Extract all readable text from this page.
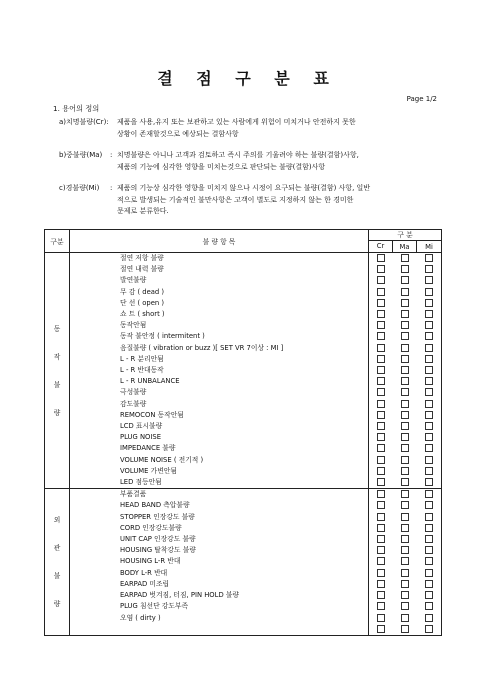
결 점 구 분 표
Page 1/2
1. 용어의 정의
a)치명불량(Cr): 제품을 사용,유지 또는 보관하고 있는 사람에게 위험이 미치거나 안전하지 못한
상황이 존재할것으로 예상되는 결함사항
b)중불량(Ma) : 치명불량은 아니나 고객과 검토하고 즉시 주의를 기울려야 하는 불량(결함)사항,
제품의 기능에 심각한 영향을 미치는것으로 판단되는 불량(결함)사항
c)경불량(Mi) : 제품의 기능상 심각한 영향을 미치지 않으나 시정이 요구되는 불량(결함) 사항, 일반
적으로 발생되는 기술적인 불만사항은 고객이 별도로 지정하지 않는 한 경미한
문제로 분류한다.
구분	불 량 항 목	구 분		
		Cr	Ma	Mi

동
작
불
량	절연 저항 불량			
	절연 내력 불량			
	발연불량			
	무 감 ( dead )			
	단 선 ( open )			
	쇼 트 ( short )			
	동작안됨			
	동작 불안정 ( intermitent )			
	음질불량 ( vibration or buzz )[ SET VR 7이상 : MI ]			
	L - R 분리안됨			
	L - R 반대동작			
	L - R UNBALANCE			
	극성불량			
	감도불량			
	REMOCON 동작안됨			
	LCD 표시불량			
	PLUG NOISE			
	IMPEDANCE 불량			
	VOLUME NOISE ( 전기적 )			
	VOLUME 가변안됨			
	LED 점등안됨			

외
관
불
량	부품결품			
	HEAD BAND 측압불량			
	STOPPER 인장강도 불량			
	CORD 인장강도불량			
	UNIT CAP 인장강도 불량			
	HOUSING 탈착강도 불량			
	HOUSING L-R 반대			
	BODY L-R 반대			
	EARPAD 미조립			
	EARPAD 벗겨짐, 터짐, PIN HOLD 불량			
	PLUG 침선단 강도부족			
	오염 ( dirty )			
